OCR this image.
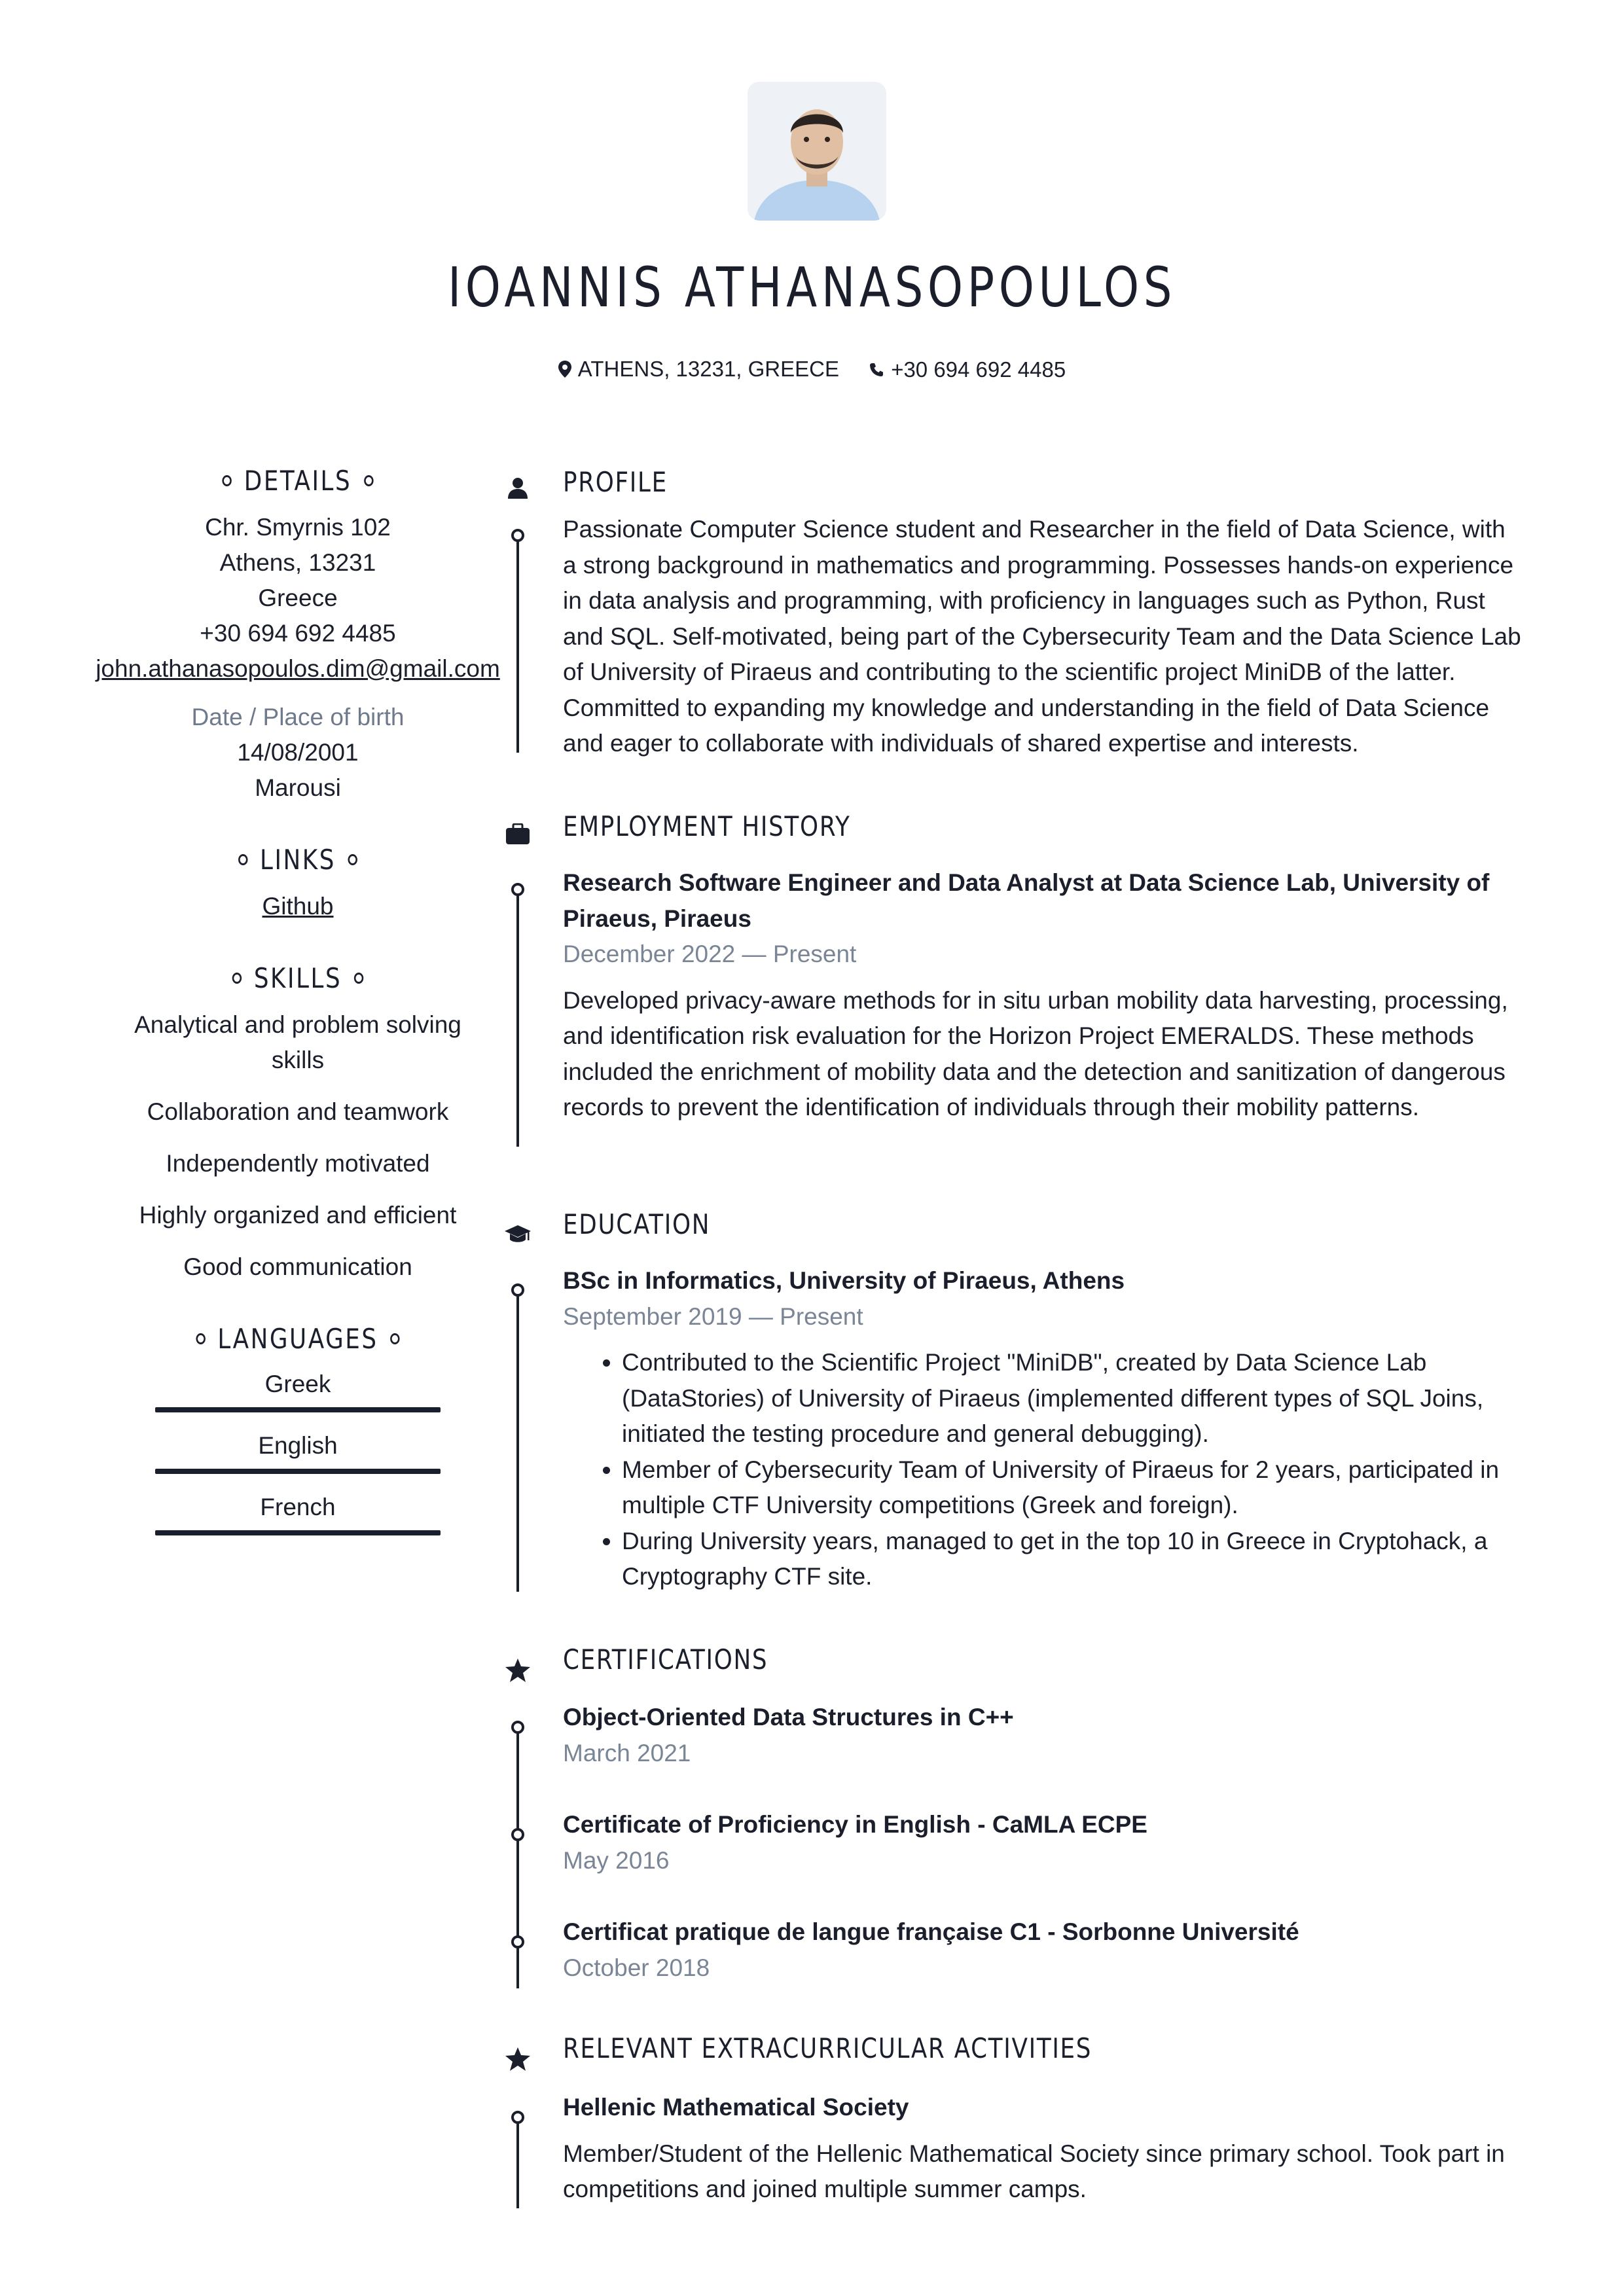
IOANNIS ATHANASOPOULOS
ATHENS, 13231, GREECE
+30 694 692 4485
DETAILS
Chr. Smyrnis 102
Athens, 13231
Greece
+30 694 692 4485
john.athanasopoulos.dim@gmail.com
Date / Place of birth
14/08/2001
Marousi
LINKS
Github
SKILLS
Analytical and problem solving skills
Collaboration and teamwork
Independently motivated
Highly organized and efficient
Good communication
LANGUAGES
Greek
English
French
PROFILE
Passionate Computer Science student and Researcher in the field of Data Science, with a strong background in mathematics and programming. Possesses hands-on experience in data analysis and programming, with proficiency in languages such as Python, Rust and SQL. Self-motivated, being part of the Cybersecurity Team and the Data Science Lab of University of Piraeus and contributing to the scientific project MiniDB of the latter. Committed to expanding my knowledge and understanding in the field of Data Science and eager to collaborate with individuals of shared expertise and interests.
EMPLOYMENT HISTORY
Research Software Engineer and Data Analyst at Data Science Lab, University of Piraeus, Piraeus
December 2022 — Present
Developed privacy-aware methods for in situ urban mobility data harvesting, processing, and identification risk evaluation for the Horizon Project EMERALDS. These methods included the enrichment of mobility data and the detection and sanitization of dangerous records to prevent the identification of individuals through their mobility patterns.
EDUCATION
BSc in Informatics, University of Piraeus, Athens
September 2019 — Present
• Contributed to the Scientific Project "MiniDB", created by Data Science Lab (DataStories) of University of Piraeus (implemented different types of SQL Joins, initiated the testing procedure and general debugging).
• Member of Cybersecurity Team of University of Piraeus for 2 years, participated in multiple CTF University competitions (Greek and foreign).
• During University years, managed to get in the top 10 in Greece in Cryptohack, a Cryptography CTF site.
CERTIFICATIONS
Object-Oriented Data Structures in C++
March 2021
Certificate of Proficiency in English - CaMLA ECPE
May 2016
Certificat pratique de langue française C1 - Sorbonne Université
October 2018
RELEVANT EXTRACURRICULAR ACTIVITIES
Hellenic Mathematical Society
Member/Student of the Hellenic Mathematical Society since primary school. Took part in competitions and joined multiple summer camps.
